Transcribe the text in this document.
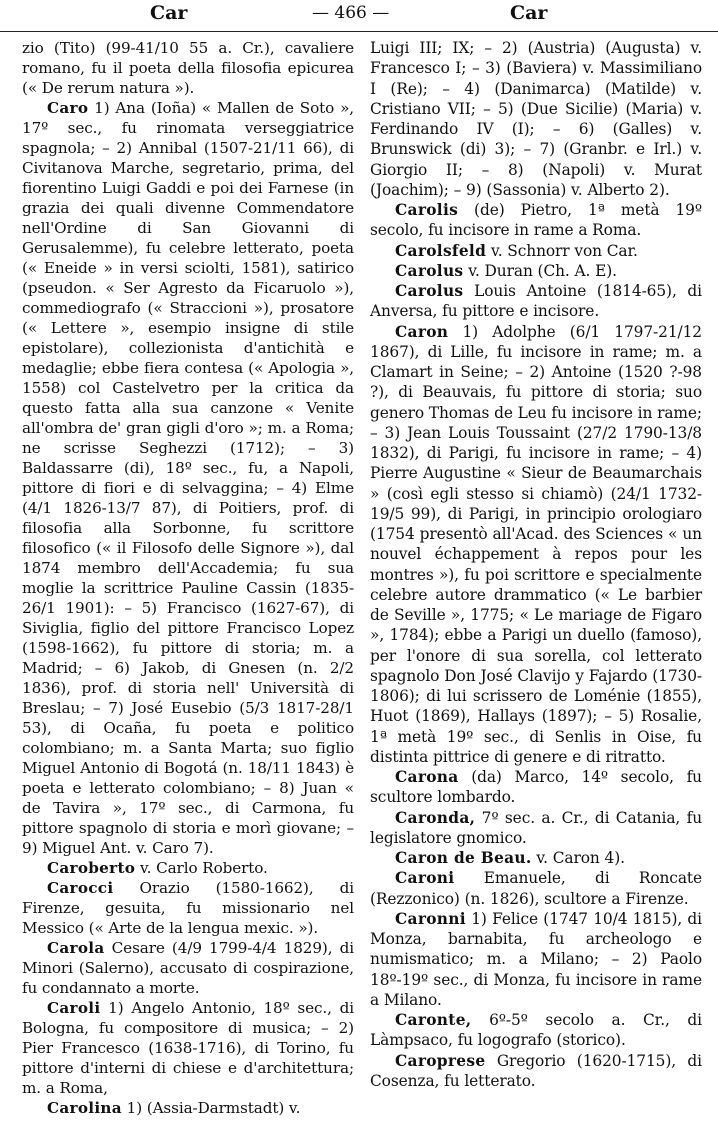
Car	— 466 —	Car

zio (Tito) (99-41/10 55 a. Cr.), cavaliere romano, fu il poeta della filosofia epicurea (« De rerum natura »).

Caro 1) Ana (Ioña) « Mallen de Soto », 17º sec., fu rinomata verseggiatrice spagnola; – 2) Annibal (1507-21/11 66), di Civitanova Marche, segretario, prima, del fiorentino Luigi Gaddi e poi dei Farnese (in grazia dei quali divenne Commendatore nell'Ordine di San Giovanni di Gerusalemme), fu celebre letterato, poeta (« Eneide » in versi sciolti, 1581), satirico (pseudon. « Ser Agresto da Ficaruolo »), commediografo (« Straccioni »), prosatore (« Lettere », esempio insigne di stile epistolare), collezionista d'antichità e medaglie; ebbe fiera contesa (« Apologia », 1558) col Castelvetro per la critica da questo fatta alla sua canzone « Venite all'ombra de' gran gigli d'oro »; m. a Roma; ne scrisse Seghezzi (1712); – 3) Baldassarre (di), 18º sec., fu, a Napoli, pittore di fiori e di selvaggina; – 4) Elme (4/1 1826-13/7 87), di Poitiers, prof. di filosofia alla Sorbonne, fu scrittore filosofico (« il Filosofo delle Signore »), dal 1874 membro dell'Accademia; fu sua moglie la scrittrice Pauline Cassin (1835-26/1 1901): – 5) Francisco (1627-67), di Siviglia, figlio del pittore Francisco Lopez (1598-1662), fu pittore di storia; m. a Madrid; – 6) Jakob, di Gnesen (n. 2/2 1836), prof. di storia nell' Università di Breslau; – 7) José Eusebio (5/3 1817-28/1 53), di Ocaña, fu poeta e politico colombiano; m. a Santa Marta; suo figlio Miguel Antonio di Bogotá (n. 18/11 1843) è poeta e letterato colombiano; – 8) Juan « de Tavira », 17º sec., di Carmona, fu pittore spagnolo di storia e morì giovane; – 9) Miguel Ant. v. Caro 7).

Caroberto v. Carlo Roberto.

Carocci Orazio (1580-1662), di Firenze, gesuita, fu missionario nel Messico (« Arte de la lengua mexic. »).

Carola Cesare (4/9 1799-4/4 1829), di Minori (Salerno), accusato di cospirazione, fu condannato a morte.

Caroli 1) Angelo Antonio, 18º sec., di Bologna, fu compositore di musica; – 2) Pier Francesco (1638-1716), di Torino, fu pittore d'interni di chiese e d'architettura; m. a Roma,

Carolina 1) (Assia-Darmstadt) v.

Luigi III; IX; – 2) (Austria) (Augusta) v. Francesco I; – 3) (Baviera) v. Massimiliano I (Re); – 4) (Danimarca) (Matilde) v. Cristiano VII; – 5) (Due Sicilie) (Maria) v. Ferdinando IV (I); – 6) (Galles) v. Brunswick (di) 3); – 7) (Granbr. e Irl.) v. Giorgio II; – 8) (Napoli) v. Murat (Joachim); – 9) (Sassonia) v. Alberto 2).

Carolis (de) Pietro, 1ª metà 19º secolo, fu incisore in rame a Roma.

Carolsfeld v. Schnorr von Car.

Carolus v. Duran (Ch. A. E).

Carolus Louis Antoine (1814-65), di Anversa, fu pittore e incisore.

Caron 1) Adolphe (6/1 1797-21/12 1867), di Lille, fu incisore in rame; m. a Clamart in Seine; – 2) Antoine (1520 ?-98 ?), di Beauvais, fu pittore di storia; suo genero Thomas de Leu fu incisore in rame; – 3) Jean Louis Toussaint (27/2 1790-13/8 1832), di Parigi, fu incisore in rame; – 4) Pierre Augustine « Sieur de Beaumarchais » (così egli stesso si chiamò) (24/1 1732-19/5 99), di Parigi, in principio orologiaro (1754 presentò all'Acad. des Sciences « un nouvel échappement à repos pour les montres »), fu poi scrittore e specialmente celebre autore drammatico (« Le barbier de Seville », 1775; « Le mariage de Figaro », 1784); ebbe a Parigi un duello (famoso), per l'onore di sua sorella, col letterato spagnolo Don José Clavijo y Fajardo (1730-1806); di lui scrissero de Loménie (1855), Huot (1869), Hallays (1897); – 5) Rosalie, 1ª metà 19º sec., di Senlis in Oise, fu distinta pittrice di genere e di ritratto.

Carona (da) Marco, 14º secolo, fu scultore lombardo.

Caronda, 7º sec. a. Cr., di Catania, fu legislatore gnomico.

Caron de Beau. v. Caron 4).

Caroni Emanuele, di Roncate (Rezzonico) (n. 1826), scultore a Firenze.

Caronni 1) Felice (1747 10/4 1815), di Monza, barnabita, fu archeologo e numismatico; m. a Milano; – 2) Paolo 18º-19º sec., di Monza, fu incisore in rame a Milano.

Caronte, 6º-5º secolo a. Cr., di Làmpsaco, fu logografo (storico).

Caroprese Gregorio (1620-1715), di Cosenza, fu letterato.
